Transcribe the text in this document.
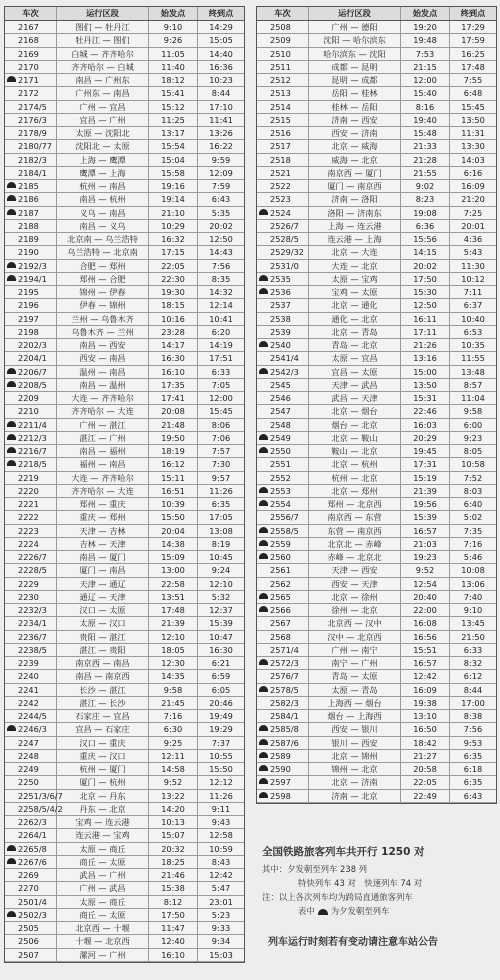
车次	运行区段	始发点	终到点
2167	图们 — 牡丹江	9:10	14:29
2168	牡丹江 — 图们	9:26	15:05
2169	白城 — 齐齐哈尔	11:05	14:40
2170	齐齐哈尔 — 白城	11:40	16:36
2171	南昌 — 广州东	18:12	10:23
2172	广州东 — 南昌	15:41	8:44
2174/5	广州 — 宜昌	15:12	17:10
2176/3	宜昌 — 广州	11:25	11:41
2178/9	太原 — 沈阳北	13:17	13:26
2180/77	沈阳北 — 太原	15:54	16:22
2182/3	上海 — 鹰潭	15:04	9:59
2184/1	鹰潭 — 上海	15:58	12:09
2185	杭州 — 南昌	19:16	7:59
2186	南昌 — 杭州	19:14	6:43
2187	义乌 — 南昌	21:10	5:35
2188	南昌 — 义乌	10:29	20:02
2189	北京南 — 乌兰浩特	16:32	12:50
2190	乌兰浩特 — 北京南	17:15	14:43
2192/3	合肥 — 郑州	22:05	7:56
2194/1	郑州 — 合肥	22:30	8:35
2195	锦州 — 伊春	19:30	14:32
2196	伊春 — 锦州	18:15	12:14
2197	兰州 — 乌鲁木齐	10:16	10:41
2198	乌鲁木齐 — 兰州	23:28	6:20
2202/3	南昌 — 西安	14:17	14:19
2204/1	西安 — 南昌	16:30	17:51
2206/7	温州 — 南昌	16:10	6:33
2208/5	南昌 — 温州	17:35	7:05
2209	大连 — 齐齐哈尔	17:41	12:00
2210	齐齐哈尔 — 大连	20:08	15:45
2211/4	广州 — 湛江	21:48	8:06
2212/3	湛江 — 广州	19:50	7:06
2216/7	南昌 — 福州	18:19	7:57
2218/5	福州 — 南昌	16:12	7:30
2219	大连 — 齐齐哈尔	15:11	9:57
2220	齐齐哈尔 — 大连	16:51	11:26
2221	郑州 — 重庆	10:39	6:35
2222	重庆 — 郑州	15:50	17:05
2223	天津 — 吉林	20:04	13:08
2224	吉林 — 天津	14:38	8:19
2226/7	南昌 — 厦门	15:09	10:45
2228/5	厦门 — 南昌	13:00	9:24
2229	天津 — 通辽	22:58	12:10
2230	通辽 — 天津	13:51	5:32
2232/3	汉口 — 太原	17:48	12:37
2234/1	太原 — 汉口	21:39	15:39
2236/7	贵阳 — 湛江	12:10	10:47
2238/5	湛江 — 贵阳	18:05	16:30
2239	南京西 — 南昌	12:30	6:21
2240	南昌 — 南京西	14:35	6:59
2241	长沙 — 湛江	9:58	6:05
2242	湛江 — 长沙	21:45	20:46
2244/5	石家庄 — 宜昌	7:16	19:49
2246/3	宜昌 — 石家庄	6:30	19:29
2247	汉口 — 重庆	9:25	7:37
2248	重庆 — 汉口	12:11	10:55
2249	杭州 — 厦门	14:58	15:50
2250	厦门 — 杭州	9:52	12:12
2251/3/6/7	北京 — 丹东	13:22	11:26
2258/5/4/2	丹东 — 北京	14:20	9:11
2262/3	宝鸡 — 连云港	10:13	9:43
2264/1	连云港 — 宝鸡	15:07	12:58
2265/8	太原 — 商丘	20:32	10:59
2267/6	商丘 — 太原	18:25	8:43
2269	武昌 — 广州	21:46	12:42
2270	广州 — 武昌	15:38	5:47
2501/4	太原 — 商丘	8:12	23:01
2502/3	商丘 — 太原	17:50	5:23
2505	北京西 — 十堰	11:47	9:33
2506	十堰 — 北京西	12:40	9:34
2507	漯河 — 广州	16:10	15:03
车次	运行区段	始发点	终到点
2508	广州 — 德阳	19:20	17:29
2509	沈阳 — 哈尔滨东	19:48	17:59
2510	哈尔滨东 — 沈阳	7:53	16:25
2511	成都 — 昆明	21:15	17:48
2512	昆明 — 成都	12:00	7:55
2513	岳阳 — 桂林	15:40	6:48
2514	桂林 — 岳阳	8:16	15:45
2515	济南 — 西安	19:40	13:50
2516	西安 — 济南	15:48	11:31
2517	北京 — 威海	21:33	13:30
2518	威海 — 北京	21:28	14:03
2521	南京西 — 厦门	21:55	6:16
2522	厦门 — 南京西	9:02	16:09
2523	济南 — 洛阳	8:23	21:20
2524	洛阳 — 济南东	19:08	7:25
2526/7	上海 — 连云港	6:36	20:01
2528/5	连云港 — 上海	15:56	4:36
2529/32	北京 — 大连	14:15	5:43
2531/0	大连 — 北京	20:02	11:30
2535	太原 — 宝鸡	17:50	10:12
2536	宝鸡 — 太原	15:30	7:11
2537	北京 — 通化	12:50	6:37
2538	通化 — 北京	16:11	10:40
2539	北京 — 青岛	17:11	6:53
2540	青岛 — 北京	21:26	10:35
2541/4	太原 — 宜昌	13:16	11:55
2542/3	宜昌 — 太原	15:00	13:48
2545	天津 — 武昌	13:50	8:57
2546	武昌 — 天津	15:31	11:04
2547	北京 — 烟台	22:46	9:58
2548	烟台 — 北京	16:03	6:00
2549	北京 — 鞍山	20:29	9:23
2550	鞍山 — 北京	19:45	8:05
2551	北京 — 杭州	17:31	10:58
2552	杭州 — 北京	15:19	7:52
2553	北京 — 郑州	21:39	8:03
2554	郑州 — 北京西	19:56	6:40
2556/7	南京西 — 东营	15:39	5:02
2558/5	东营 — 南京西	16:57	7:35
2559	北京北 — 赤峰	21:03	7:16
2560	赤峰 — 北京北	19:23	5:46
2561	天津 — 西安	9:52	10:08
2562	西安 — 天津	12:54	13:06
2565	北京 — 徐州	20:40	7:40
2566	徐州 — 北京	22:00	9:10
2567	北京西 — 汉中	16:08	13:45
2568	汉中 — 北京西	16:56	21:50
2571/4	广州 — 南宁	15:51	6:33
2572/3	南宁 — 广州	16:57	8:32
2576/7	青岛 — 太原	12:42	6:12
2578/5	太原 — 青岛	16:09	8:44
2582/3	上海西 — 烟台	19:38	17:00
2584/1	烟台 — 上海西	13:10	8:38
2585/8	西安 — 银川	16:50	7:56
2587/6	银川 — 西安	18:42	9:53
2589	北京 — 锦州	21:27	6:35
2590	锦州 — 北京	20:58	6:18
2597	北京 — 济南	22:05	6:35
2598	济南 — 北京	22:49	6:43
全国铁路旅客列车共开行 1250 对
其中：夕发朝至列车 238 列
特快列车 43 对　快速列车 74 对
注：以上各次列车均为跨局直通旅客列车
表中 为夕发朝至列车
列车运行时刻若有变动请注意车站公告
